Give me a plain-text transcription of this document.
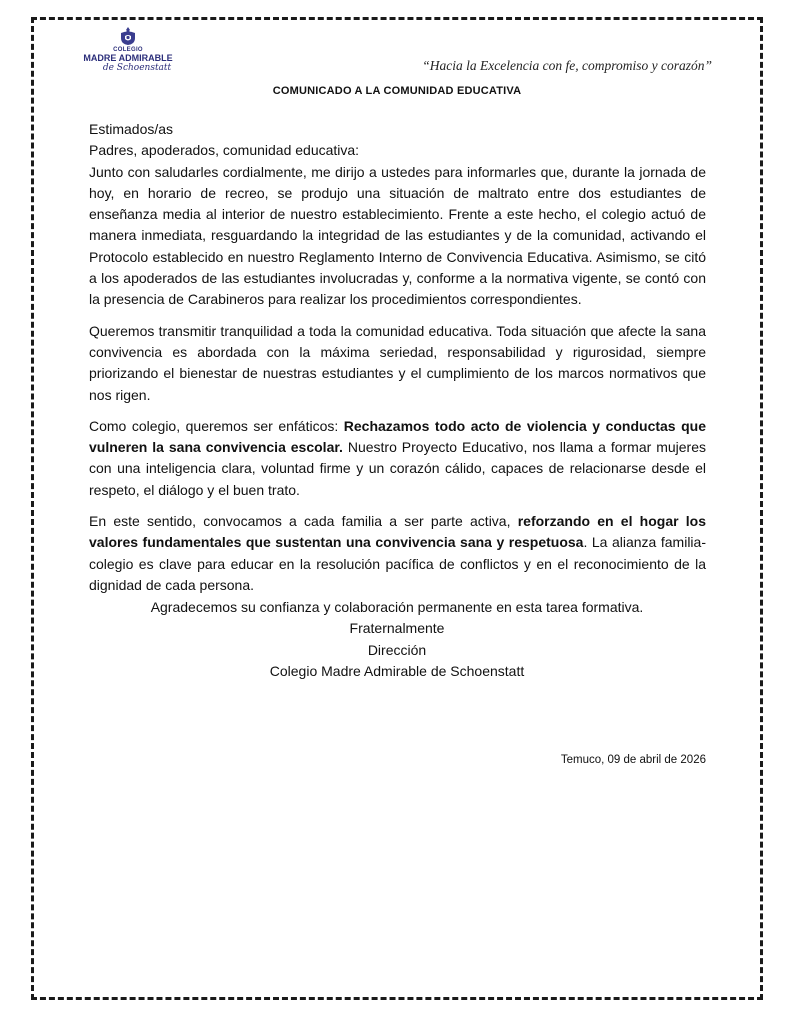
COLEGIO
MADRE ADMIRABLE
de Schoenstatt	“Hacia la Excelencia con fe, compromiso y corazón”
COMUNICADO A LA COMUNIDAD EDUCATIVA

Estimados/as

Padres, apoderados, comunidad educativa:

Junto con saludarles cordialmente, me dirijo a ustedes para informarles que, durante la jornada de hoy, en horario de recreo, se produjo una situación de maltrato entre dos estudiantes de enseñanza media al interior de nuestro establecimiento. Frente a este hecho, el colegio actuó de manera inmediata, resguardando la integridad de las estudiantes y de la comunidad, activando el Protocolo establecido en nuestro Reglamento Interno de Convivencia Educativa. Asimismo, se citó a los apoderados de las estudiantes involucradas y, conforme a la normativa vigente, se contó con la presencia de Carabineros para realizar los procedimientos correspondientes.

Queremos transmitir tranquilidad a toda la comunidad educativa. Toda situación que afecte la sana convivencia es abordada con la máxima seriedad, responsabilidad y rigurosidad, siempre priorizando el bienestar de nuestras estudiantes y el cumplimiento de los marcos normativos que nos rigen.

Como colegio, queremos ser enfáticos: Rechazamos todo acto de violencia y conductas que vulneren la sana convivencia escolar. Nuestro Proyecto Educativo, nos llama a formar mujeres con una inteligencia clara, voluntad firme y un corazón cálido, capaces de relacionarse desde el respeto, el diálogo y el buen trato.

En este sentido, convocamos a cada familia a ser parte activa, reforzando en el hogar los valores fundamentales que sustentan una convivencia sana y respetuosa. La alianza familia-colegio es clave para educar en la resolución pacífica de conflictos y en el reconocimiento de la dignidad de cada persona.

Agradecemos su confianza y colaboración permanente en esta tarea formativa.
Fraternalmente
Dirección
Colegio Madre Admirable de Schoenstatt
Temuco, 09 de abril de 2026
